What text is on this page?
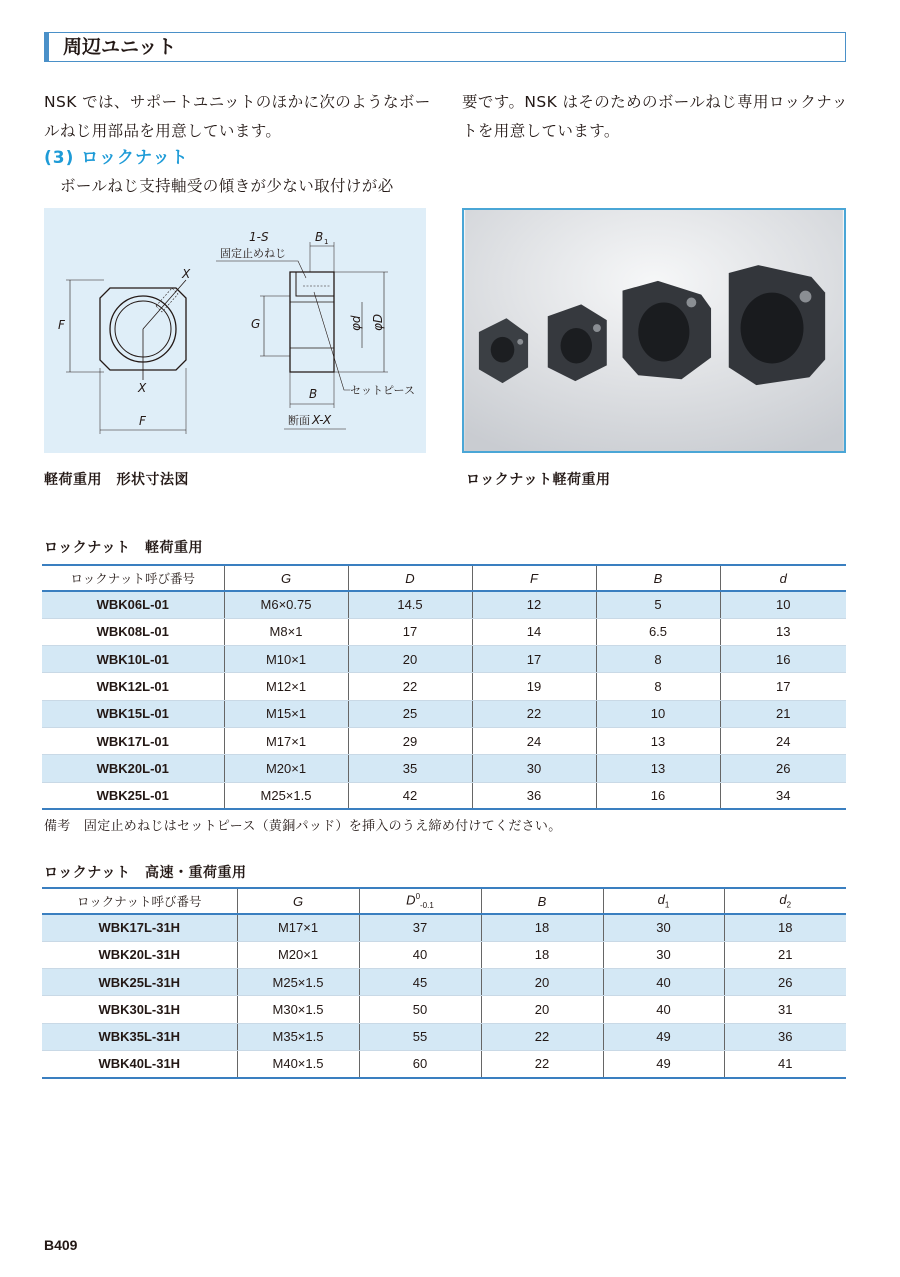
周辺ユニット
NSK では、サポートユニットのほかに次のようなボールねじ用部品を用意しています。
(3) ロックナット
ボールねじ支持軸受の傾きが少ない取付けが必
要です。NSK はそのためのボールねじ専用ロックナットを用意しています。
X
X
F
F
G	φd φD
B
B 1
1-S
固定止めねじ
セットピース
断面 X-X
軽荷重用　形状寸法図	ロックナット軽荷重用
ロックナット　軽荷重用
ロックナット呼び番号	G	D	F	B	d
WBK06L-01	M6×0.75	14.5	12	5	10
WBK08L-01	M8×1	17	14	6.5	13
WBK10L-01	M10×1	20	17	8	16
WBK12L-01	M12×1	22	19	8	17
WBK15L-01	M15×1	25	22	10	21
WBK17L-01	M17×1	29	24	13	24
WBK20L-01	M20×1	35	30	13	26
WBK25L-01	M25×1.5	42	36	16	34
備考　固定止めねじはセットピース（黄銅パッド）を挿入のうえ締め付けてください。
ロックナット　高速・重荷重用
ロックナット呼び番号	G	$D^0_{-0.1}$	B	$d_1$	$d_2$
WBK17L-31H	M17×1	37	18	30	18
WBK20L-31H	M20×1	40	18	30	21
WBK25L-31H	M25×1.5	45	20	40	26
WBK30L-31H	M30×1.5	50	20	40	31
WBK35L-31H	M35×1.5	55	22	49	36
WBK40L-31H	M40×1.5	60	22	49	41
B409
